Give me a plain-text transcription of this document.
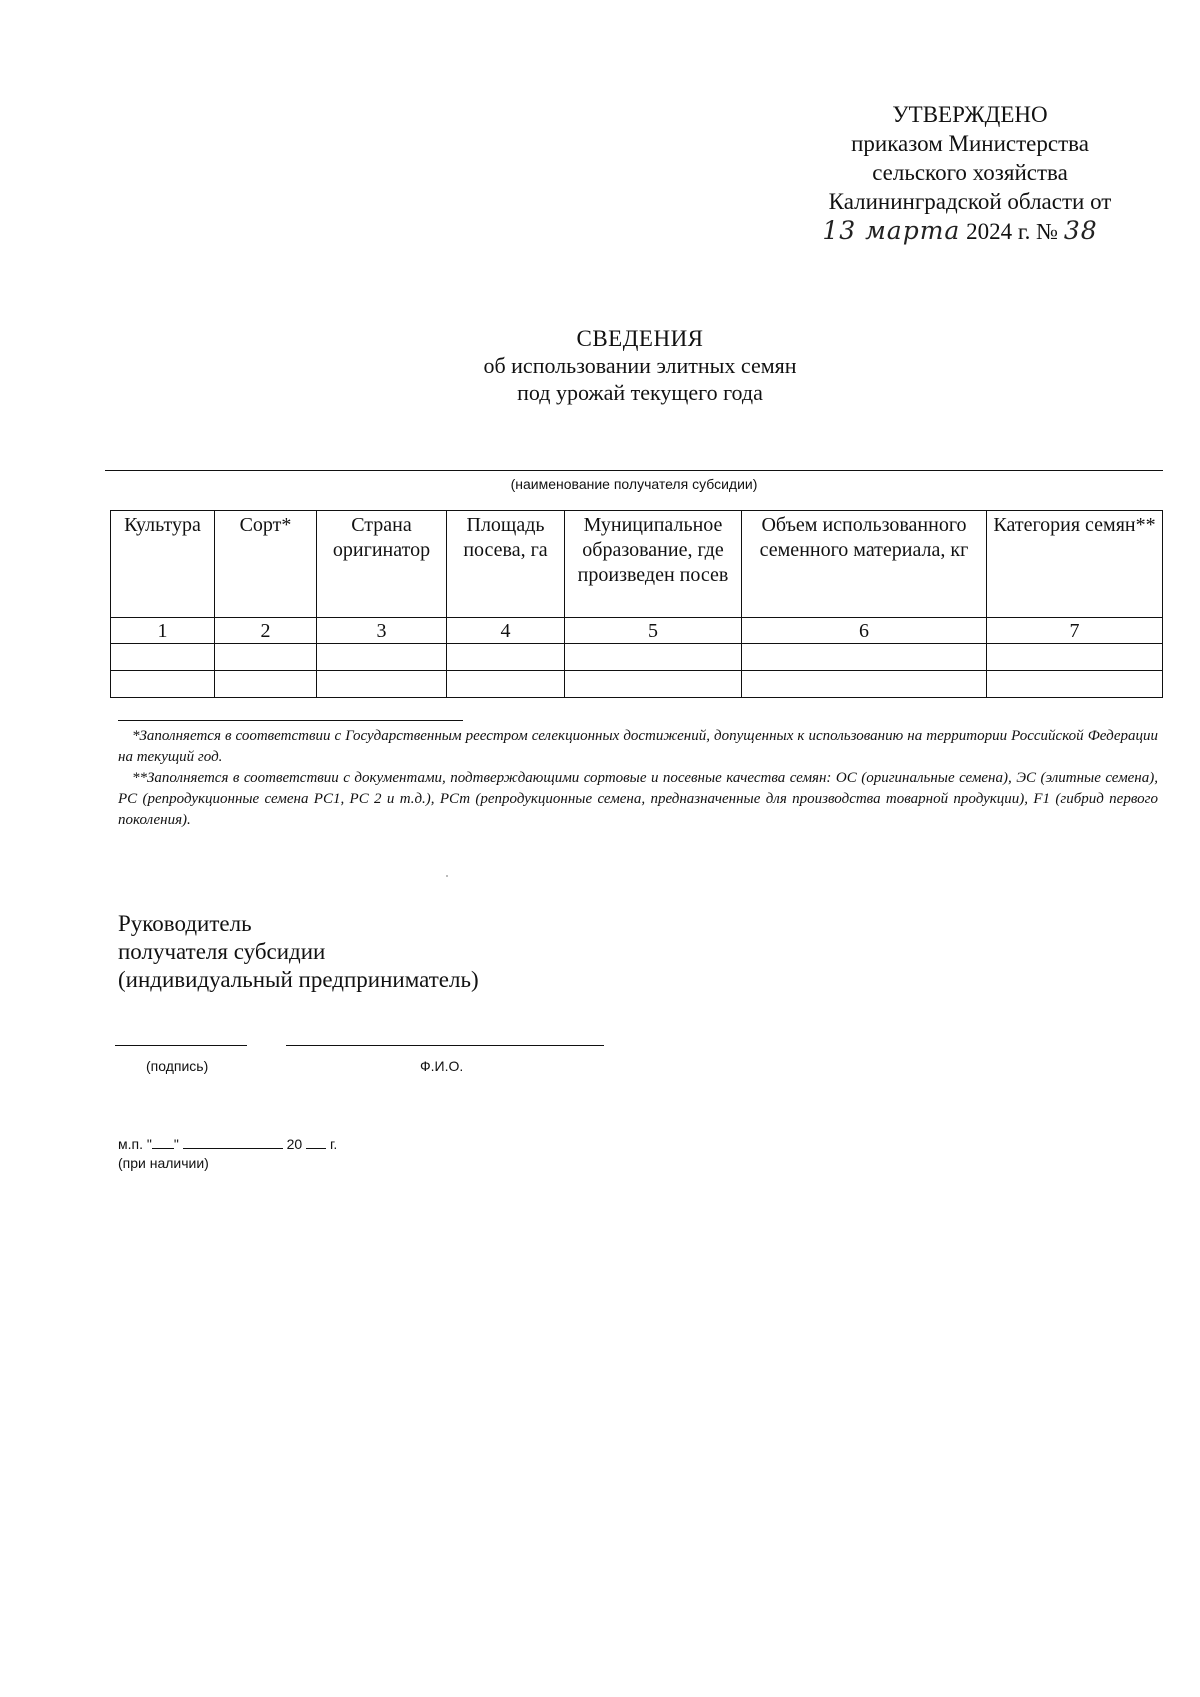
УТВЕРЖДЕНО
приказом Министерства
сельского хозяйства
Калининградской области от
13 марта 2024 г. № 38
СВЕДЕНИЯ
об использовании элитных семян
под урожай текущего года
(наименование получателя субсидии)
Культура	Сорт*	Страна оригинатор	Площадь посева, га	Муниципальное образование, где произведен посев	Объем использованного семенного материала, кг	Категория семян**
1	2	3	4	5	6	7

*Заполняется в соответствии с Государственным реестром селекционных достижений, допущенных к использованию на территории Российской Федерации на текущий год.

**Заполняется в соответствии с документами, подтверждающими сортовые и посевные качества семян: ОС (оригинальные семена), ЭС (элитные семена), РС (репродукционные семена РС1, РС 2 и т.д.), РСт (репродукционные семена, предназначенные для производства товарной продукции), F1 (гибрид первого поколения).

Руководитель
получателя субсидии
(индивидуальный предприниматель)
(подпись)	Ф.И.О.
м.п. " "	20 г.
(при наличии)
